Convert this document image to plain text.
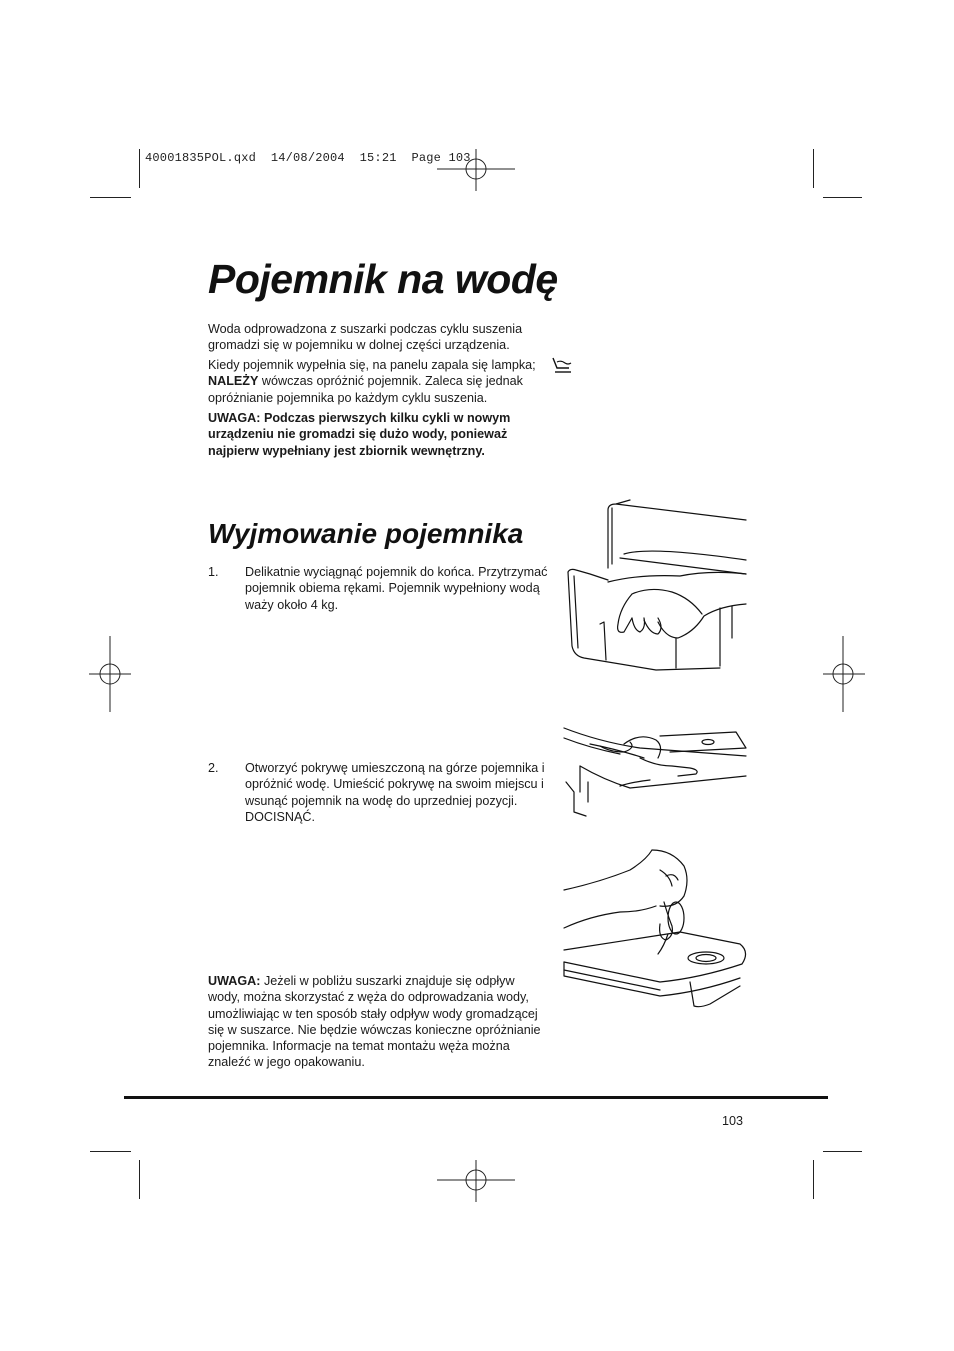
40001835POL.qxd  14/08/2004  15:21  Page 103
Pojemnik na wodę

Woda odprowadzona z suszarki podczas cyklu suszenia gromadzi się w pojemniku w dolnej części urządzenia.

Kiedy pojemnik wypełnia się, na panelu zapala się lampka; NALEŻY wówczas opróżnić pojemnik. Zaleca się jednak opróżnianie pojemnika po każdym cyklu suszenia.

UWAGA: Podczas pierwszych kilku cykli w nowym urządzeniu nie gromadzi się dużo wody, ponieważ najpierw wypełniany jest zbiornik wewnętrzny.

Wyjmowanie pojemnika
1. Delikatnie wyciągnąć pojemnik do końca. Przytrzymać pojemnik obiema rękami. Pojemnik wypełniony wodą waży około 4 kg.
2. Otworzyć pokrywę umieszczoną na górze pojemnika i opróżnić wodę. Umieścić pokrywę na swoim miejscu i wsunąć pojemnik na wodę do uprzedniej pozycji. DOCISNĄĆ.

UWAGA: Jeżeli w pobliżu suszarki znajduje się odpływ wody, można skorzystać z węża do odprowadzania wody, umożliwiając w ten sposób stały odpływ wody gromadzącej się w suszarce. Nie będzie wówczas konieczne opróżnianie pojemnika. Informacje na temat montażu węża można znaleźć w jego opakowaniu.

103
